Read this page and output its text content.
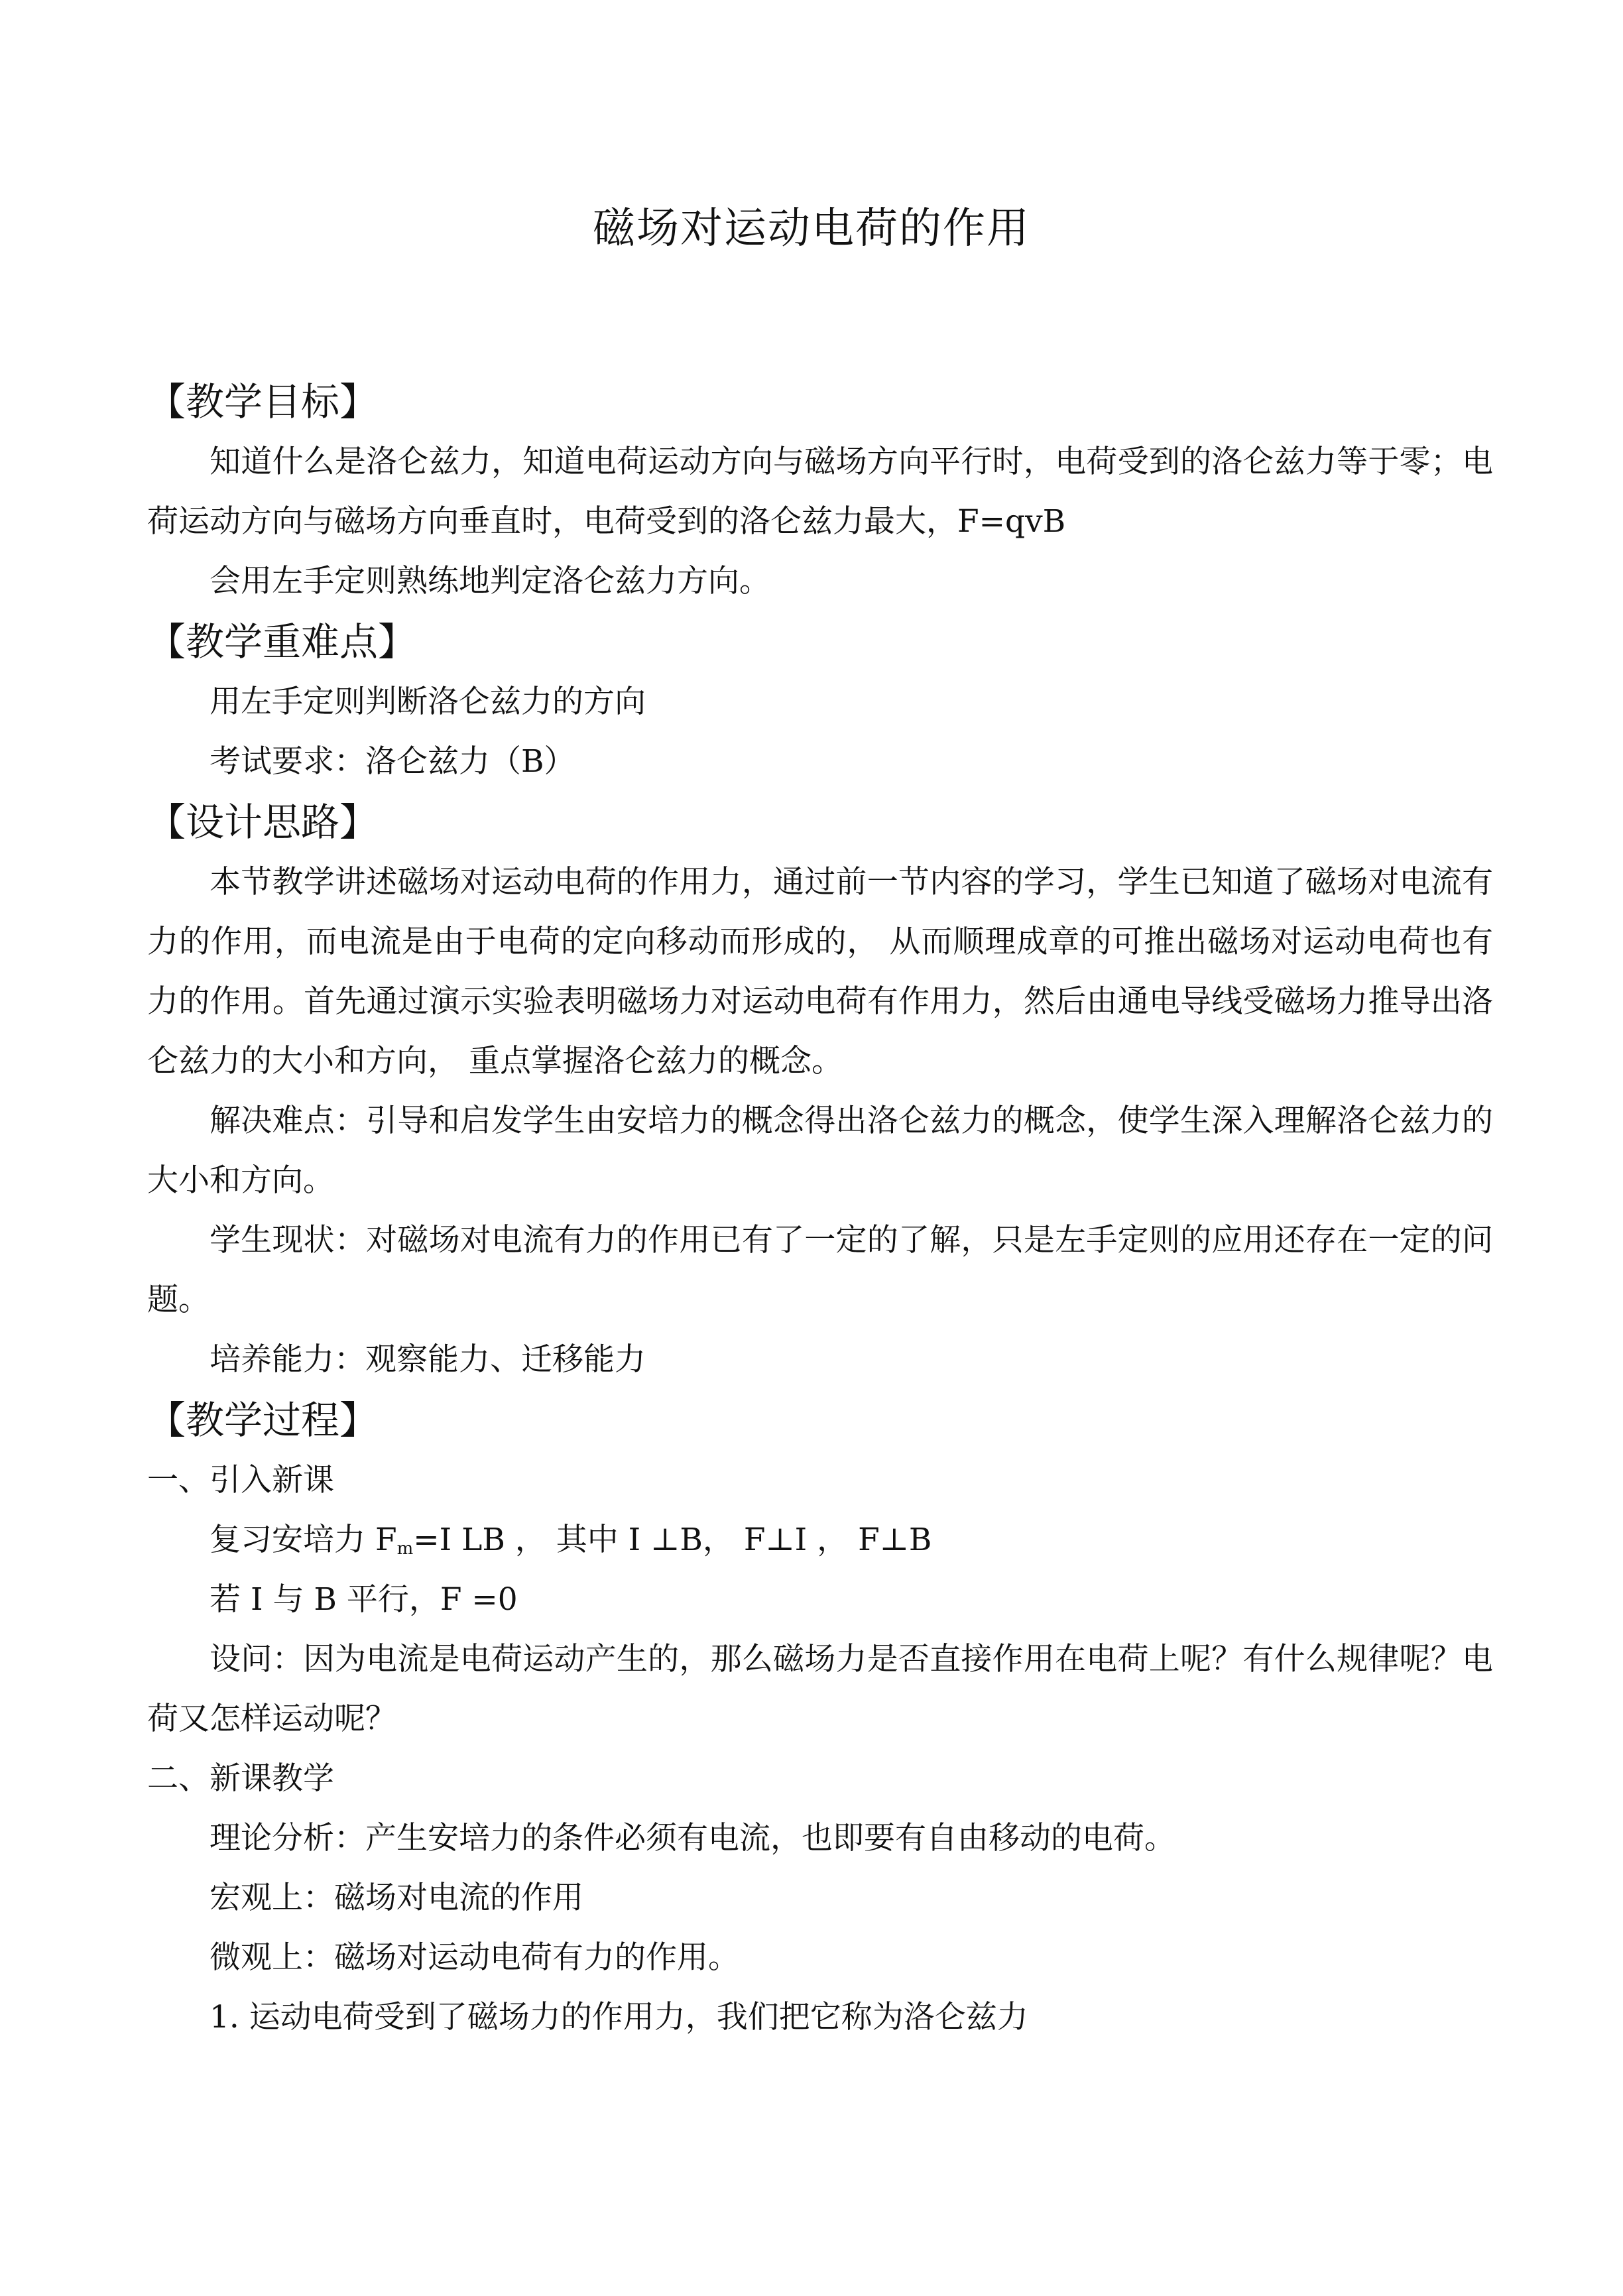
磁场对运动电荷的作用
【教学目标】

知道什么是洛仑兹力，知道电荷运动方向与磁场方向平行时，电荷受到的洛仑兹力等于零；电荷运动方向与磁场方向垂直时，电荷受到的洛仑兹力最大，F=qvB

会用左手定则熟练地判定洛仑兹力方向。

【教学重难点】

用左手定则判断洛仑兹力的方向

考试要求：洛仑兹力（B）

【设计思路】

本节教学讲述磁场对运动电荷的作用力，通过前一节内容的学习，学生已知道了磁场对电流有力的作用，而电流是由于电荷的定向移动而形成的， 从而顺理成章的可推出磁场对运动电荷也有力的作用。首先通过演示实验表明磁场力对运动电荷有作用力，然后由通电导线受磁场力推导出洛仑兹力的大小和方向， 重点掌握洛仑兹力的概念。

解决难点：引导和启发学生由安培力的概念得出洛仑兹力的概念，使学生深入理解洛仑兹力的大小和方向。

学生现状：对磁场对电流有力的作用已有了一定的了解，只是左手定则的应用还存在一定的问题。

培养能力：观察能力、迁移能力

【教学过程】
一、引入新课
复习安培力 $F_m=I$ LB ， 其中 I ⊥B， F⊥I ， F⊥B
若 I 与 B 平行，F =0

设问：因为电流是电荷运动产生的，那么磁场力是否直接作用在电荷上呢？有什么规律呢？电荷又怎样运动呢？

二、新课教学
理论分析：产生安培力的条件必须有电流，也即要有自由移动的电荷。
宏观上：磁场对电流的作用
微观上：磁场对运动电荷有力的作用。
1. 运动电荷受到了磁场力的作用力，我们把它称为洛仑兹力
